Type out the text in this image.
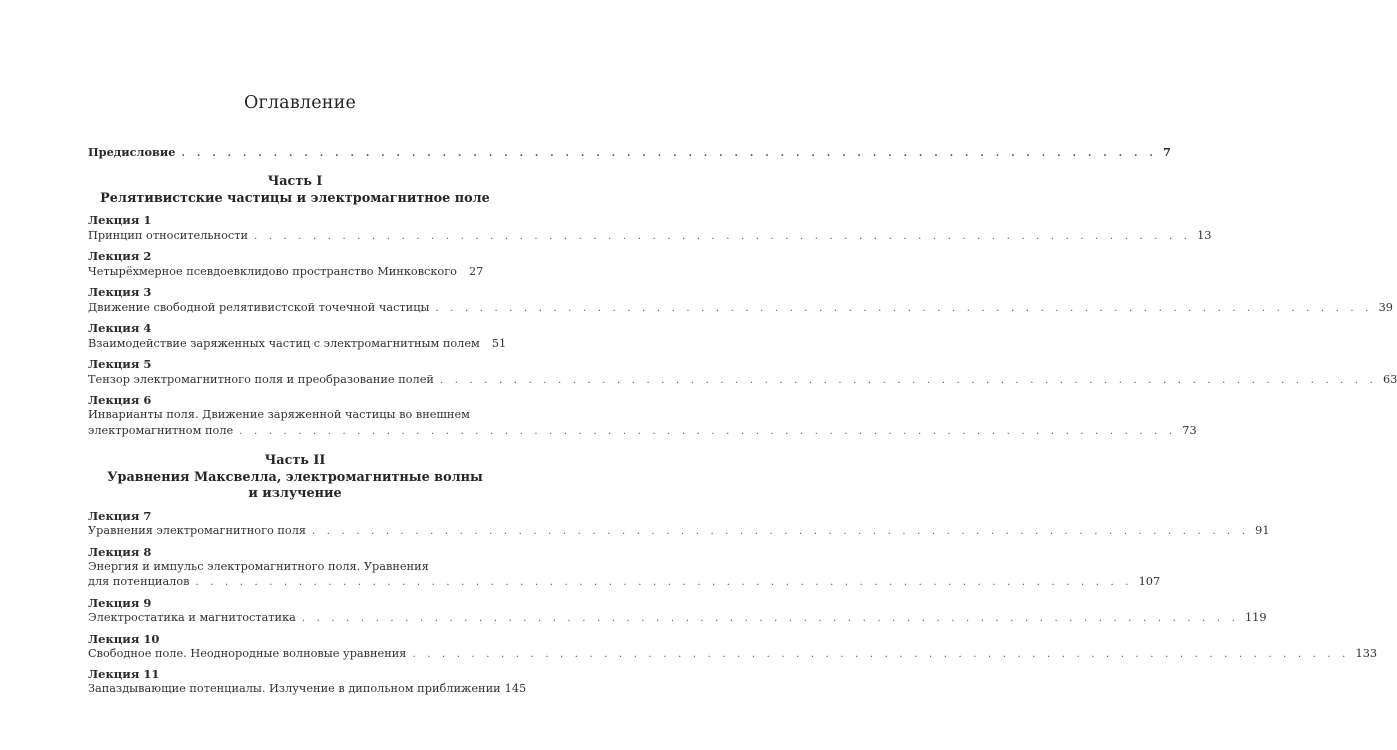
Оглавление
Предисловие . . . . . . . . . . . . . . . . . . . . . . . . . . . . . . . . . . . . . . . . . . . . . . . . . . . . . . . . . . . . . . . . 7
Часть I
Релятивистские частицы и электромагнитное поле
Лекция 1
Принцип относительности . . . . . . . . . . . . . . . . . . . . . . . . . . . . . . . . . . . . . . . . . . . . . . . . . . . . . . . . . . . . . . . . 13
Лекция 2
Четырёхмерное псевдоевклидово пространство Минковского 27
Лекция 3
Движение свободной релятивистской точечной частицы . . . . . . . . . . . . . . . . . . . . . . . . . . . . . . . . . . . . . . . . . . . . . . . . . . . . . . . . . . . . . . . . 39
Лекция 4
Взаимодействие заряженных частиц с электромагнитным полем 51
Лекция 5
Тензор электромагнитного поля и преобразование полей . . . . . . . . . . . . . . . . . . . . . . . . . . . . . . . . . . . . . . . . . . . . . . . . . . . . . . . . . . . . . . . . 63
Лекция 6
Инварианты поля. Движение заряженной частицы во внешнем
электромагнитном поле . . . . . . . . . . . . . . . . . . . . . . . . . . . . . . . . . . . . . . . . . . . . . . . . . . . . . . . . . . . . . . . . 73
Часть II
Уравнения Максвелла, электромагнитные волны
и излучение
Лекция 7
Уравнения электромагнитного поля . . . . . . . . . . . . . . . . . . . . . . . . . . . . . . . . . . . . . . . . . . . . . . . . . . . . . . . . . . . . . . . . 91
Лекция 8
Энергия и импульс электромагнитного поля. Уравнения
для потенциалов . . . . . . . . . . . . . . . . . . . . . . . . . . . . . . . . . . . . . . . . . . . . . . . . . . . . . . . . . . . . . . . . 107
Лекция 9
Электростатика и магнитостатика . . . . . . . . . . . . . . . . . . . . . . . . . . . . . . . . . . . . . . . . . . . . . . . . . . . . . . . . . . . . . . . . 119
Лекция 10
Свободное поле. Неоднородные волновые уравнения . . . . . . . . . . . . . . . . . . . . . . . . . . . . . . . . . . . . . . . . . . . . . . . . . . . . . . . . . . . . . . . . 133
Лекция 11
Запаздывающие потенциалы. Излучение в дипольном приближении 145
